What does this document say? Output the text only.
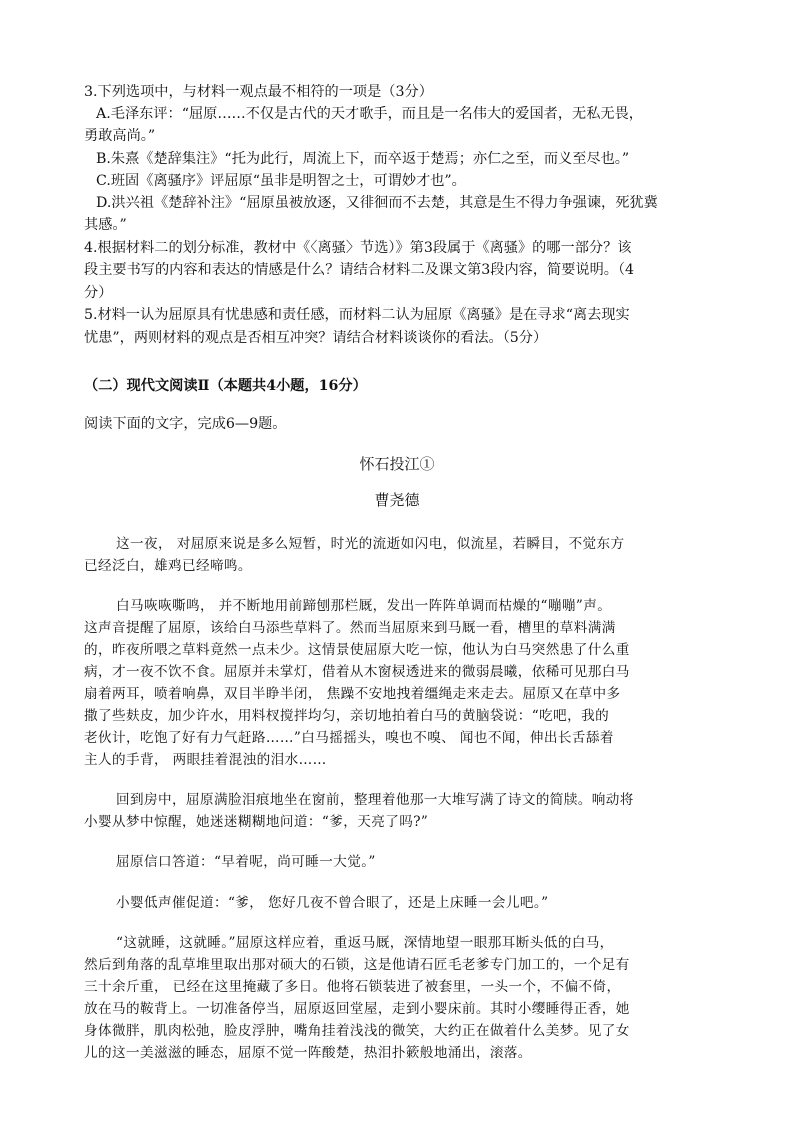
3.下列选项中，与材料一观点最不相符的一项是（3分）
A.毛泽东评：“屈原……不仅是古代的天才歌手，而且是一名伟大的爱国者，无私无畏，
勇敢高尚。”
B.朱熹《楚辞集注》“托为此行，周流上下，而卒返于楚焉；亦仁之至，而义至尽也。”
C.班固《离骚序》评屈原“虽非是明智之士，可谓妙才也”。
D.洪兴祖《楚辞补注》“屈原虽被放逐，又徘徊而不去楚，其意是生不得力争强谏，死犹冀
其感。”
4.根据材料二的划分标准，教材中《〈离骚〉节选）》第3段属于《离骚》的哪一部分？该
段主要书写的内容和表达的情感是什么？请结合材料二及课文第3段内容，简要说明。（4
分）
5.材料一认为屈原具有忧患感和责任感，而材料二认为屈原《离骚》是在寻求“离去现实
忧患”，两则材料的观点是否相互冲突？请结合材料谈谈你的看法。（5分）
（二）现代文阅读Ⅱ（本题共4小题，16分）
阅读下面的文字，完成6—9题。
怀石投江①
曹尧德
这一夜， 对屈原来说是多么短暂，时光的流逝如闪电，似流星，若瞬目，不觉东方
已经泛白，雄鸡已经啼鸣。
白马咴咴嘶鸣， 并不断地用前蹄刨那栏厩，发出一阵阵单调而枯燥的“嘣嘣”声。
这声音提醒了屈原，该给白马添些草料了。然而当屈原来到马厩一看，槽里的草料满满
的，昨夜所喂之草料竟然一点未少。这情景使屈原大吃一惊，他认为白马突然患了什么重
病，才一夜不饮不食。屈原并未掌灯，借着从木窗棂透进来的微弱晨曦，依稀可见那白马
扇着两耳，喷着响鼻，双目半睁半闭， 焦躁不安地拽着缰绳走来走去。屈原又在草中多
撒了些麸皮，加少许水，用料杈搅拌均匀，亲切地拍着白马的黄脑袋说：“吃吧，我的
老伙计，吃饱了好有力气赶路……”白马摇摇头，嗅也不嗅、 闻也不闻，伸出长舌舔着
主人的手背， 两眼挂着混浊的泪水……
回到房中，屈原满脸泪痕地坐在窗前，整理着他那一大堆写满了诗文的简牍。响动将
小婴从梦中惊醒，她迷迷糊糊地问道：“爹，天亮了吗?”
屈原信口答道：“早着呢，尚可睡一大觉。”
小婴低声催促道：“爹， 您好几夜不曾合眼了，还是上床睡一会儿吧。”
“这就睡，这就睡。”屈原这样应着，重返马厩，深情地望一眼那耳断头低的白马，
然后到角落的乱草堆里取出那对硕大的石锁，这是他请石匠毛老爹专门加工的，一个足有
三十余斤重， 已经在这里掩藏了多日。他将石锁装进了被套里，一头一个，不偏不倚，
放在马的鞍背上。一切准备停当，屈原返回堂屋，走到小婴床前。其时小缨睡得正香，她
身体微胖，肌肉松弛，脸皮浮肿，嘴角挂着浅浅的微笑，大约正在做着什么美梦。见了女
儿的这一美滋滋的睡态，屈原不觉一阵酸楚，热泪扑簌般地涌出，滚落。
